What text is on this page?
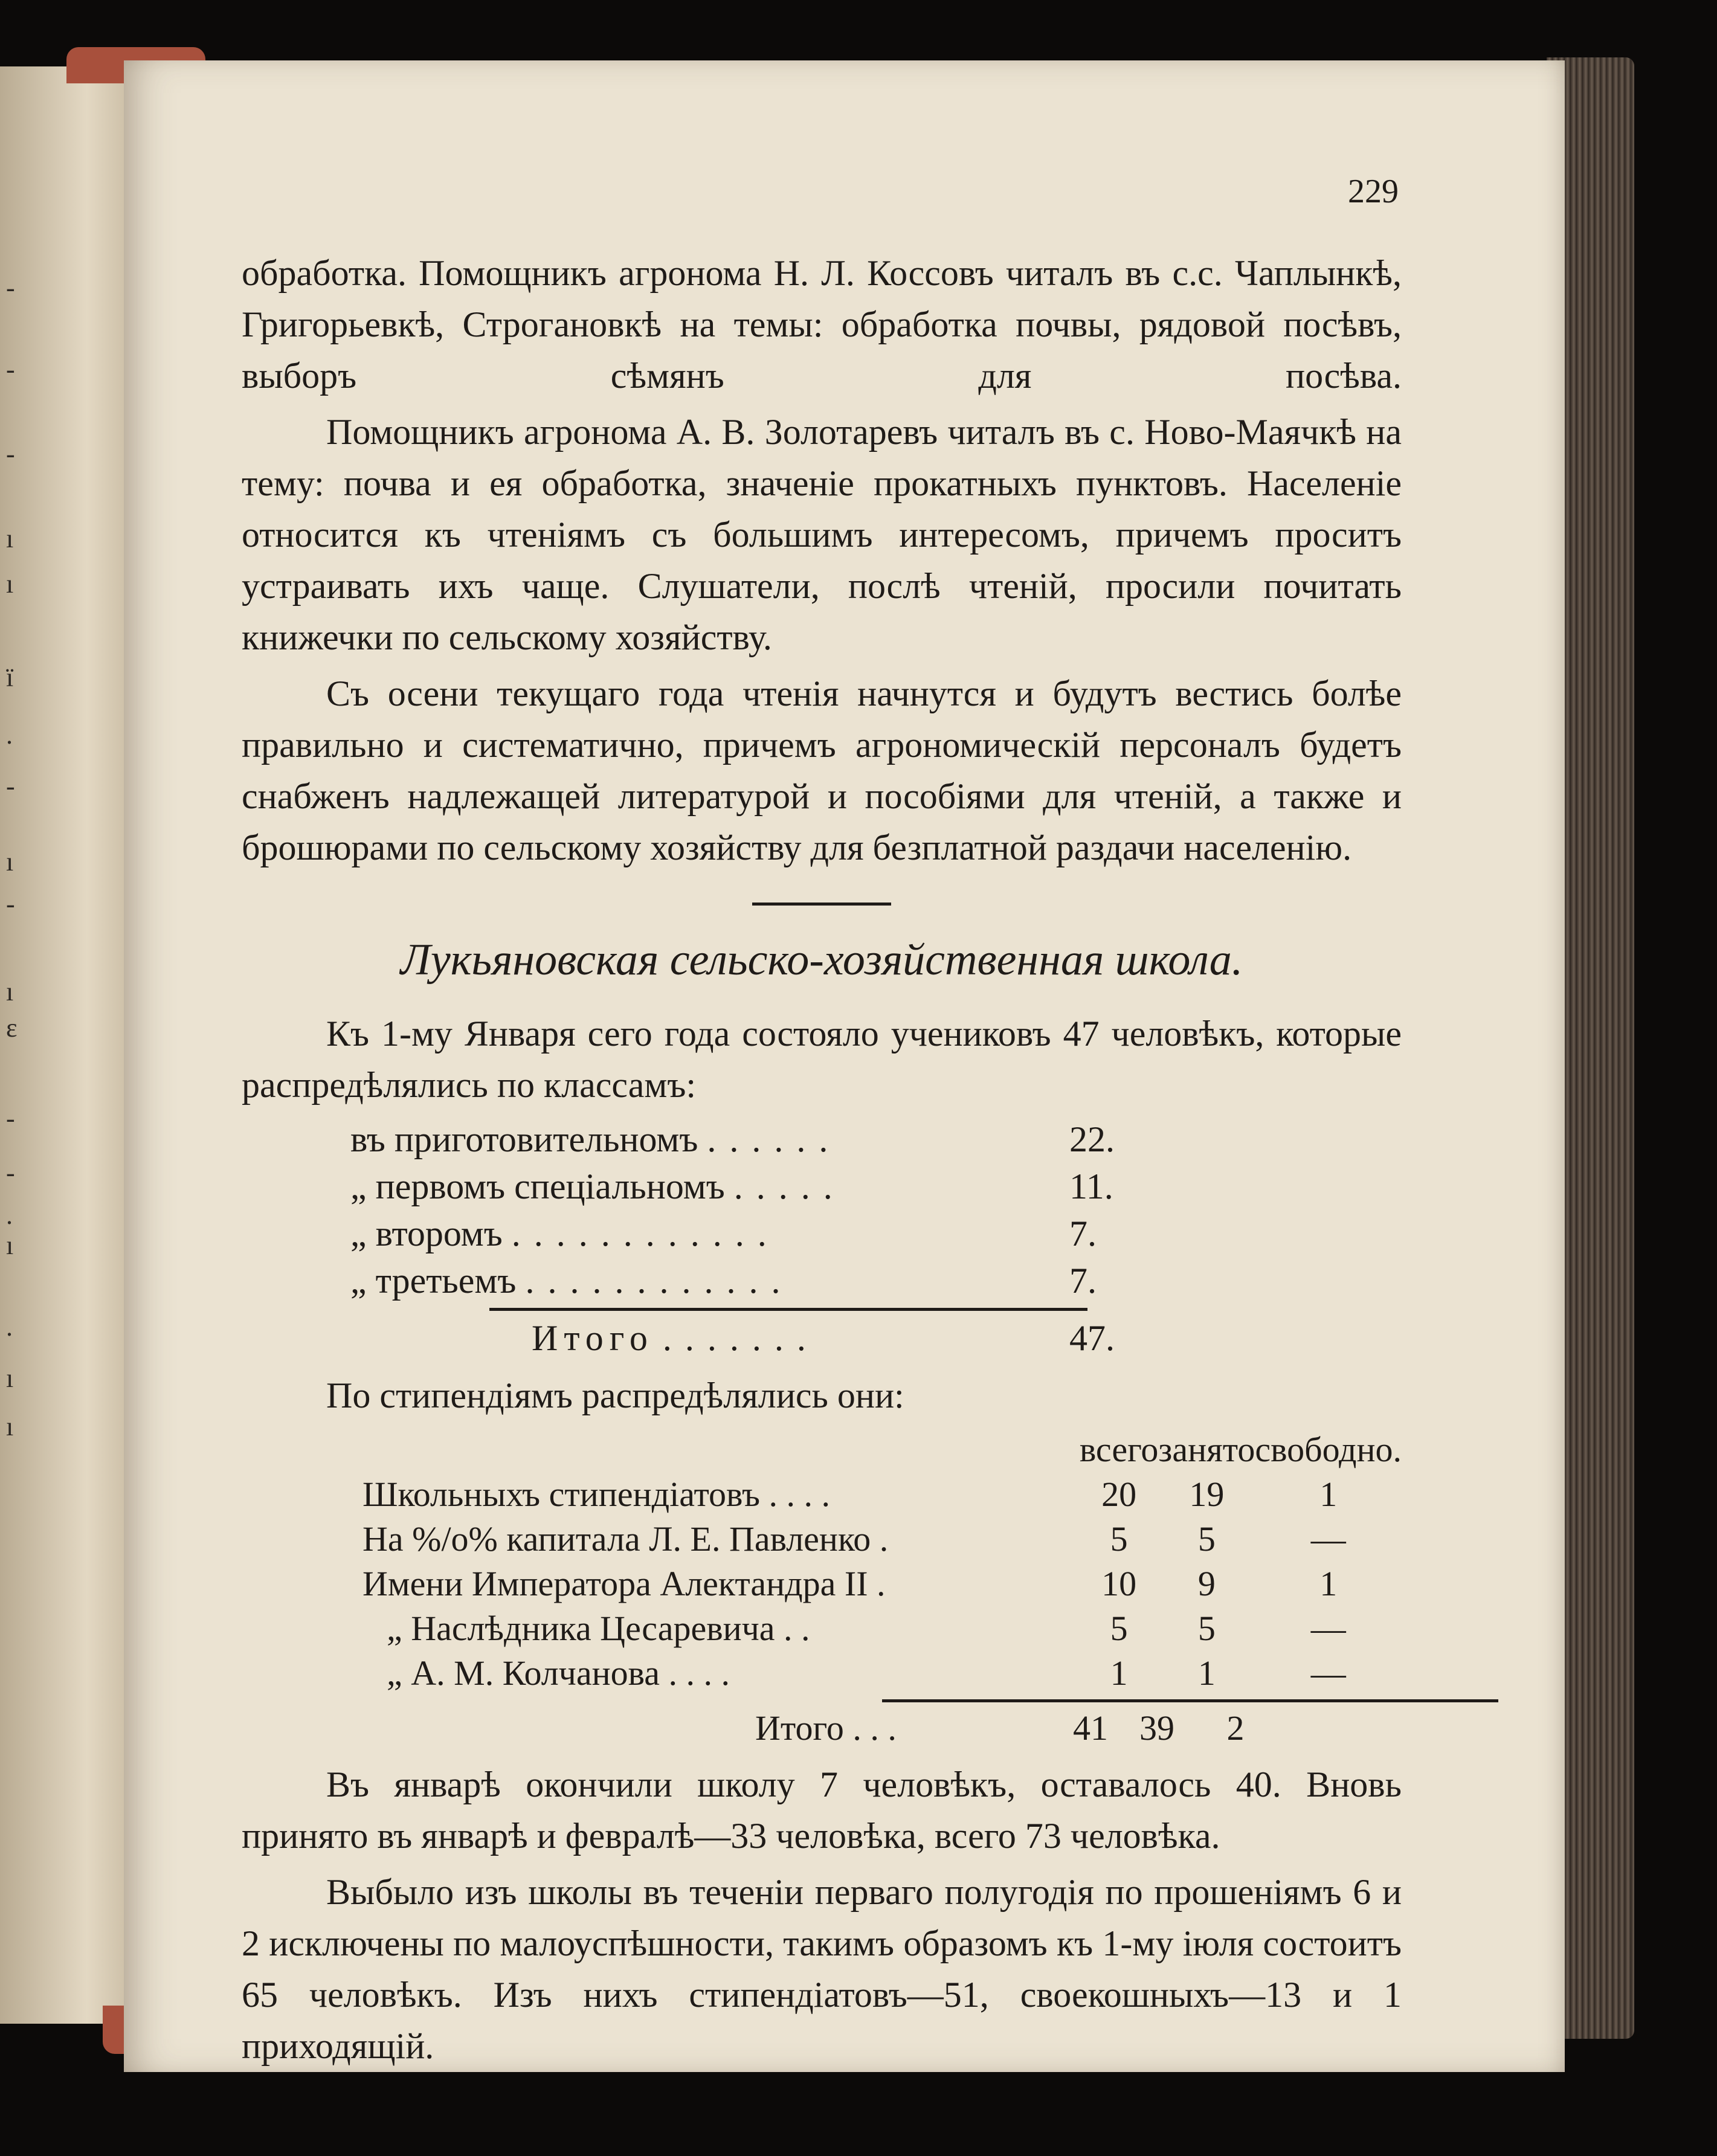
-
-
-
ı
ı
ї
.
-
ı
-
ı
ɛ
-
-
.
ı
.
ı
ı
229

обработка. Помощникъ агронома Н. Л. Коссовъ читалъ въ с.с. Чаплынкѣ, Григорьевкѣ, Строгановкѣ на темы: обработка почвы, рядовой посѣвъ, выборъ сѣмянъ для посѣва.

Помощникъ агронома А. В. Золотаревъ читалъ въ с. Ново-Маячкѣ на тему: почва и ея обработка, значеніе прокатныхъ пунктовъ. Населеніе относится къ чтеніямъ съ большимъ интересомъ, причемъ проситъ устраивать ихъ чаще. Слушатели, послѣ чтеній, просили почитать книжечки по сельскому хозяйству.

Съ осени текущаго года чтенія начнутся и будутъ вестись болѣе правильно и систематично, причемъ агрономическій персоналъ будетъ снабженъ надлежащей литературой и пособіями для чтеній, а также и брошюрами по сельскому хозяйству для безплатной раздачи населенію.

Лукьяновская сельско-хозяйственная школа.

Къ 1-му Января сего года состояло учениковъ 47 человѣкъ, которые распредѣлялись по классамъ:

въ приготовительномъ ......	22.
„ первомъ спеціальномъ .....	11.
„ второмъ ............	7.
„ третьемъ ............	7.
Итого .......	47.

По стипендіямъ распредѣлялись они:

	всего	занято	свободно.
Школьныхъ стипендіатовъ . . . .	20	19	1
На %/о% капитала Л. Е. Павленко .	5	5	—
Имени Императора Алектандра II .	10	9	1
„ Наслѣдника Цесаревича . .	5	5	—
„ А. М. Колчанова . . . .	1	1	—
Итого . . .	41	39	2

Въ январѣ окончили школу 7 человѣкъ, оставалось 40. Вновь принято въ январѣ и февралѣ—33 человѣка, всего 73 человѣка.

Выбыло изъ школы въ теченіи перваго полугодія по прошеніямъ 6 и 2 исключены по малоуспѣшности, такимъ образомъ къ 1-му іюля состоитъ 65 человѣкъ. Изъ нихъ стипендіатовъ—51, своекошныхъ—13 и 1 приходящій.
